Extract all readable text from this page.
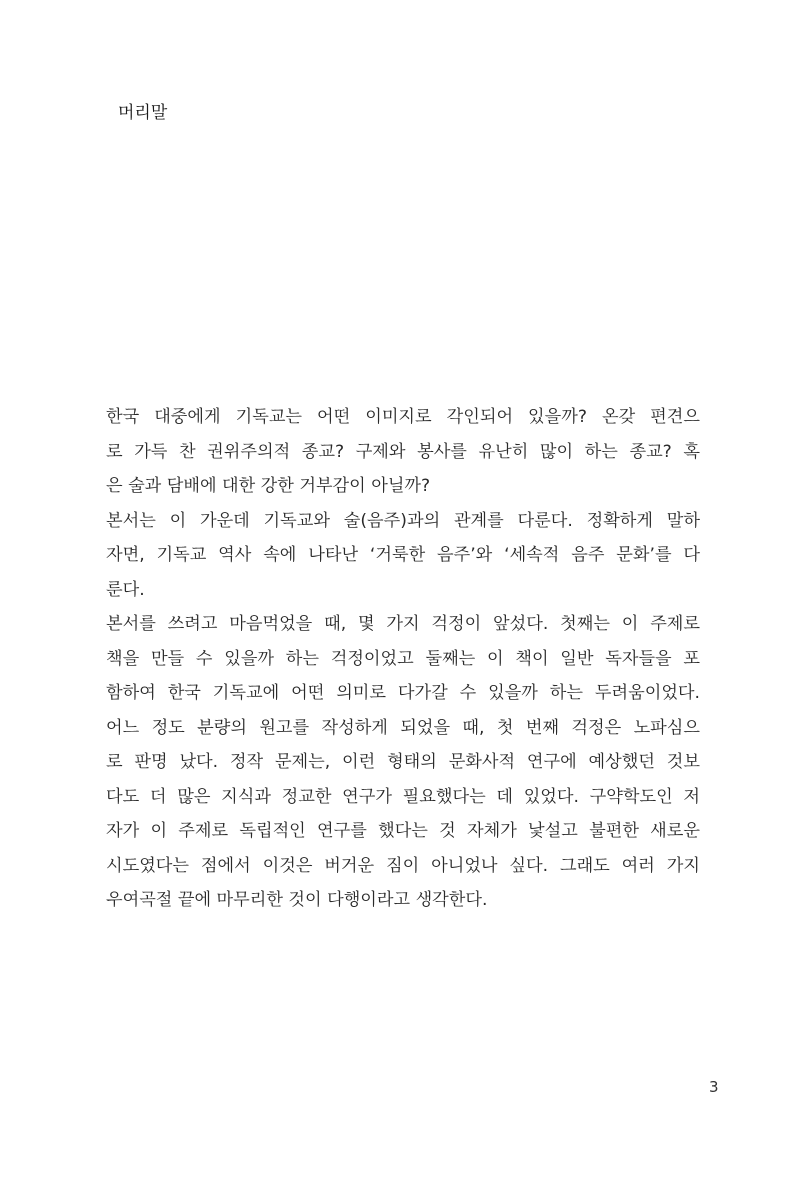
머리말
한국 대중에게 기독교는 어떤 이미지로 각인되어 있을까? 온갖 편견으
로 가득 찬 권위주의적 종교? 구제와 봉사를 유난히 많이 하는 종교? 혹
은 술과 담배에 대한 강한 거부감이 아닐까?
본서는 이 가운데 기독교와 술(음주)과의 관계를 다룬다. 정확하게 말하
자면, 기독교 역사 속에 나타난 ‘거룩한 음주’와 ‘세속적 음주 문화’를 다
룬다.
본서를 쓰려고 마음먹었을 때, 몇 가지 걱정이 앞섰다. 첫째는 이 주제로
책을 만들 수 있을까 하는 걱정이었고 둘째는 이 책이 일반 독자들을 포
함하여 한국 기독교에 어떤 의미로 다가갈 수 있을까 하는 두려움이었다.
어느 정도 분량의 원고를 작성하게 되었을 때, 첫 번째 걱정은 노파심으
로 판명 났다. 정작 문제는, 이런 형태의 문화사적 연구에 예상했던 것보
다도 더 많은 지식과 정교한 연구가 필요했다는 데 있었다. 구약학도인 저
자가 이 주제로 독립적인 연구를 했다는 것 자체가 낯설고 불편한 새로운
시도였다는 점에서 이것은 버거운 짐이 아니었나 싶다. 그래도 여러 가지
우여곡절 끝에 마무리한 것이 다행이라고 생각한다.
3
